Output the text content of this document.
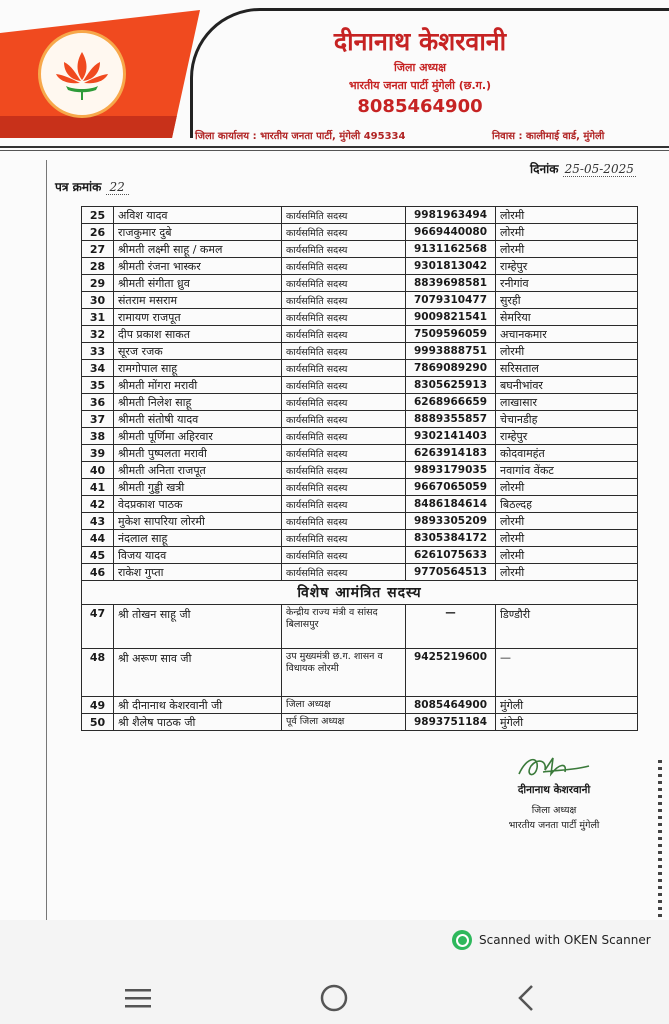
दीनानाथ केशरवानी
जिला अध्यक्ष
भारतीय जनता पार्टी मुंगेली (छ.ग.)
8085464900
जिला कार्यालय : भारतीय जनता पार्टी, मुंगेली 495334	निवास : कालीमाई वार्ड, मुंगेली
पत्र क्रमांक 22
दिनांक 25-05-2025
25	अविश यादव	कार्यसमिति सदस्य	9981963494	लोरमी
26	राजकुमार दुबे	कार्यसमिति सदस्य	9669440080	लोरमी
27	श्रीमती लक्ष्मी साहू / कमल	कार्यसमिति सदस्य	9131162568	लोरमी
28	श्रीमती रंजना भास्कर	कार्यसमिति सदस्य	9301813042	राम्हेपुर
29	श्रीमती संगीता ध्रुव	कार्यसमिति सदस्य	8839698581	रनीगांव
30	संतराम मसराम	कार्यसमिति सदस्य	7079310477	सुरही
31	रामायण राजपूत	कार्यसमिति सदस्य	9009821541	सेमरिया
32	दीप प्रकाश साकत	कार्यसमिति सदस्य	7509596059	अचानकमार
33	सूरज रजक	कार्यसमिति सदस्य	9993888751	लोरमी
34	रामगोपाल साहू	कार्यसमिति सदस्य	7869089290	सरिसताल
35	श्रीमती मोंगरा मरावी	कार्यसमिति सदस्य	8305625913	बघनीभांवर
36	श्रीमती निलेश साहू	कार्यसमिति सदस्य	6268966659	लाखासार
37	श्रीमती संतोषी यादव	कार्यसमिति सदस्य	8889355857	चेचानडीह
38	श्रीमती पूर्णिमा अहिरवार	कार्यसमिति सदस्य	9302141403	राम्हेपुर
39	श्रीमती पुष्पलता मरावी	कार्यसमिति सदस्य	6263914183	कोदवामहंत
40	श्रीमती अनिता राजपूत	कार्यसमिति सदस्य	9893179035	नवागांव वेंकट
41	श्रीमती गुड्डी खत्री	कार्यसमिति सदस्य	9667065059	लोरमी
42	वेदप्रकाश पाठक	कार्यसमिति सदस्य	8486184614	बिठल्दह
43	मुकेश सापरिया लोरमी	कार्यसमिति सदस्य	9893305209	लोरमी
44	नंदलाल साहू	कार्यसमिति सदस्य	8305384172	लोरमी
45	विजय यादव	कार्यसमिति सदस्य	6261075633	लोरमी
46	राकेश गुप्ता	कार्यसमिति सदस्य	9770564513	लोरमी
विशेष आमंत्रित सदस्य				
47	श्री तोखन साहू जी	केन्द्रीय राज्य मंत्री व सांसद बिलासपुर	—	डिण्डौरी
48	श्री अरूण साव जी	उप मुख्यमंत्री छ.ग. शासन व विधायक लोरमी	9425219600	—
49	श्री दीनानाथ केशरवानी जी	जिला अध्यक्ष	8085464900	मुंगेली
50	श्री शैलेष पाठक जी	पूर्व जिला अध्यक्ष	9893751184	मुंगेली
दीनानाथ केशरवानी
जिला अध्यक्ष
भारतीय जनता पार्टी मुंगेली
Scanned with OKEN Scanner
